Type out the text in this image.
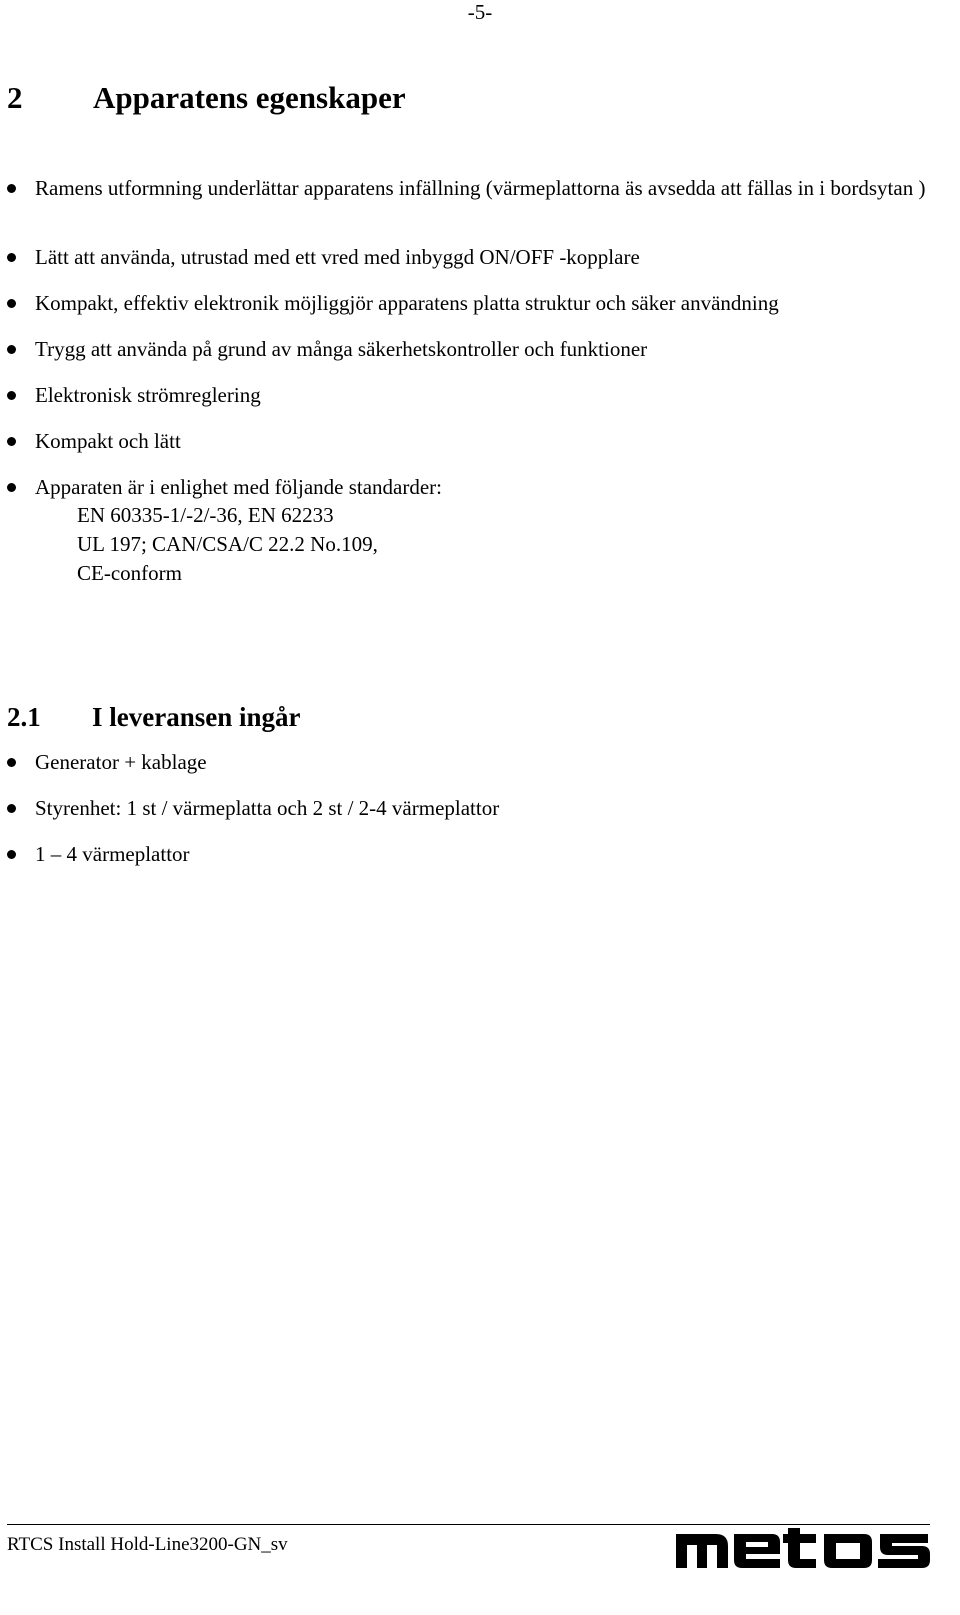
-5-
2 Apparatens egenskaper
Ramens utformning underlättar apparatens infällning (värmeplattorna äs avsedda att fällas in i bordsytan )
Lätt att använda, utrustad med ett vred med inbyggd ON/OFF -kopplare
Kompakt, effektiv elektronik möjliggjör apparatens platta struktur och säker användning
Trygg att använda på grund av många säkerhetskontroller och funktioner
Elektronisk strömreglering
Kompakt och lätt
Apparaten är i enlighet med följande standarder:
EN 60335-1/-2/-36, EN 62233
UL 197; CAN/CSA/C 22.2 No.109,
CE-conform
2.1 I leveransen ingår
Generator + kablage
Styrenhet: 1 st / värmeplatta och 2 st / 2-4 värmeplattor
1 – 4 värmeplattor
RTCS Install Hold-Line3200-GN_sv
metos
